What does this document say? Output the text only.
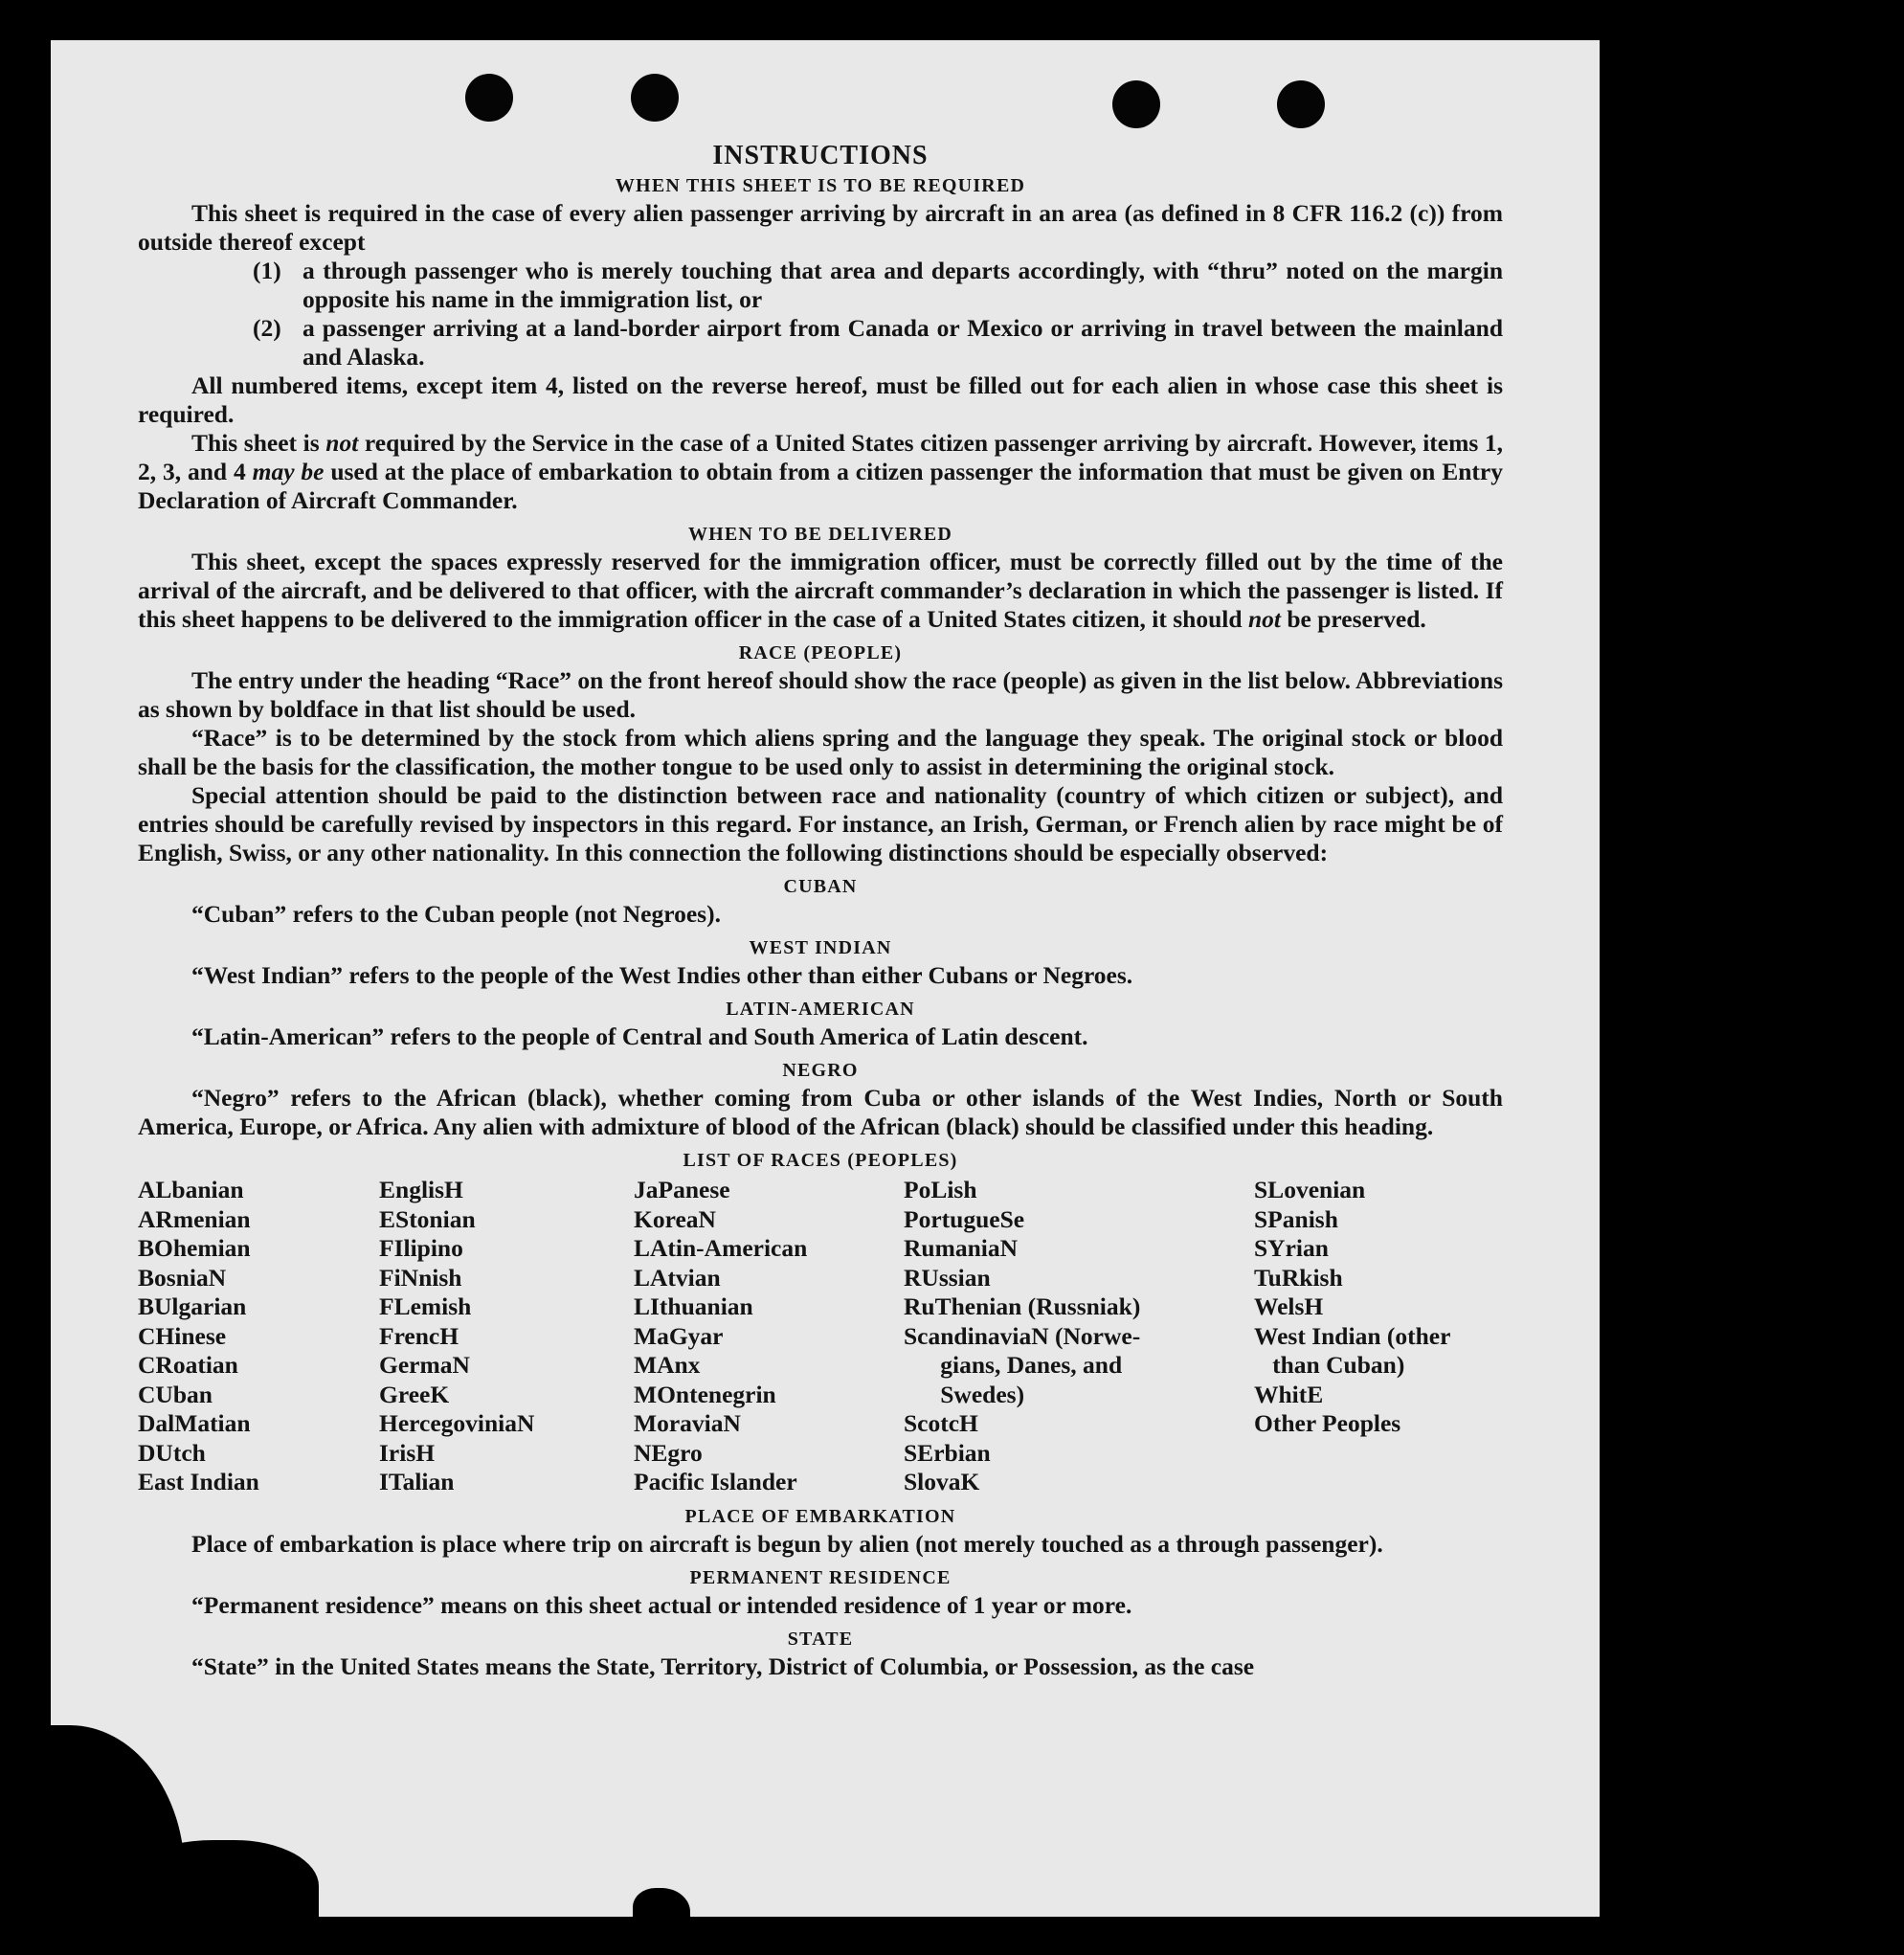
INSTRUCTIONS
WHEN THIS SHEET IS TO BE REQUIRED

This sheet is required in the case of every alien passenger arriving by aircraft in an area (as defined in 8 CFR 116.2 (c)) from outside thereof except

(1) a through passenger who is merely touching that area and departs accordingly, with “thru” noted on the margin opposite his name in the immigration list, or
(2) a passenger arriving at a land-border airport from Canada or Mexico or arriving in travel between the mainland and Alaska.

All numbered items, except item 4, listed on the reverse hereof, must be filled out for each alien in whose case this sheet is required.

This sheet is not required by the Service in the case of a United States citizen passenger arriving by aircraft. However, items 1, 2, 3, and 4 may be used at the place of embarkation to obtain from a citizen passenger the information that must be given on Entry Declaration of Aircraft Commander.

WHEN TO BE DELIVERED

This sheet, except the spaces expressly reserved for the immigration officer, must be correctly filled out by the time of the arrival of the aircraft, and be delivered to that officer, with the aircraft commander’s declaration in which the passenger is listed. If this sheet happens to be delivered to the immigration officer in the case of a United States citizen, it should not be preserved.

RACE (PEOPLE)

The entry under the heading “Race” on the front hereof should show the race (people) as given in the list below. Abbreviations as shown by boldface in that list should be used.

“Race” is to be determined by the stock from which aliens spring and the language they speak. The original stock or blood shall be the basis for the classification, the mother tongue to be used only to assist in determining the original stock.

Special attention should be paid to the distinction between race and nationality (country of which citizen or subject), and entries should be carefully revised by inspectors in this regard. For instance, an Irish, German, or French alien by race might be of English, Swiss, or any other nationality. In this connection the following distinctions should be especially observed:

CUBAN

“Cuban” refers to the Cuban people (not Negroes).

WEST INDIAN

“West Indian” refers to the people of the West Indies other than either Cubans or Negroes.

LATIN-AMERICAN

“Latin-American” refers to the people of Central and South America of Latin descent.

NEGRO

“Negro” refers to the African (black), whether coming from Cuba or other islands of the West Indies, North or South America, Europe, or Africa. Any alien with admixture of blood of the African (black) should be classified under this heading.

LIST OF RACES (PEOPLES)
ALbanian
ARmenian
BOhemian
BosniaN
BUlgarian
CHinese
CRoatian
CUban
DalMatian
DUtch
East Indian
EnglisH
EStonian
FIlipino
FiNnish
FLemish
FrencH
GermaN
GreeK
HercegoviniaN
IrisH
ITalian
JaPanese
KoreaN
LAtin-American
LAtvian
LIthuanian
MaGyar
MAnx
MOntenegrin
MoraviaN
NEgro
Pacific Islander
PoLish
PortugueSe
RumaniaN
RUssian
RuThenian (Russniak)
ScandinaviaN (Norwe-
gians, Danes, and
Swedes)
ScotcH
SErbian
SlovaK
SLovenian
SPanish
SYrian
TuRkish
WelsH
West Indian (other
than Cuban)
WhitE
Other Peoples
PLACE OF EMBARKATION

Place of embarkation is place where trip on aircraft is begun by alien (not merely touched as a through passenger).

PERMANENT RESIDENCE

“Permanent residence” means on this sheet actual or intended residence of 1 year or more.

STATE

“State” in the United States means the State, Territory, District of Columbia, or Possession, as the case
